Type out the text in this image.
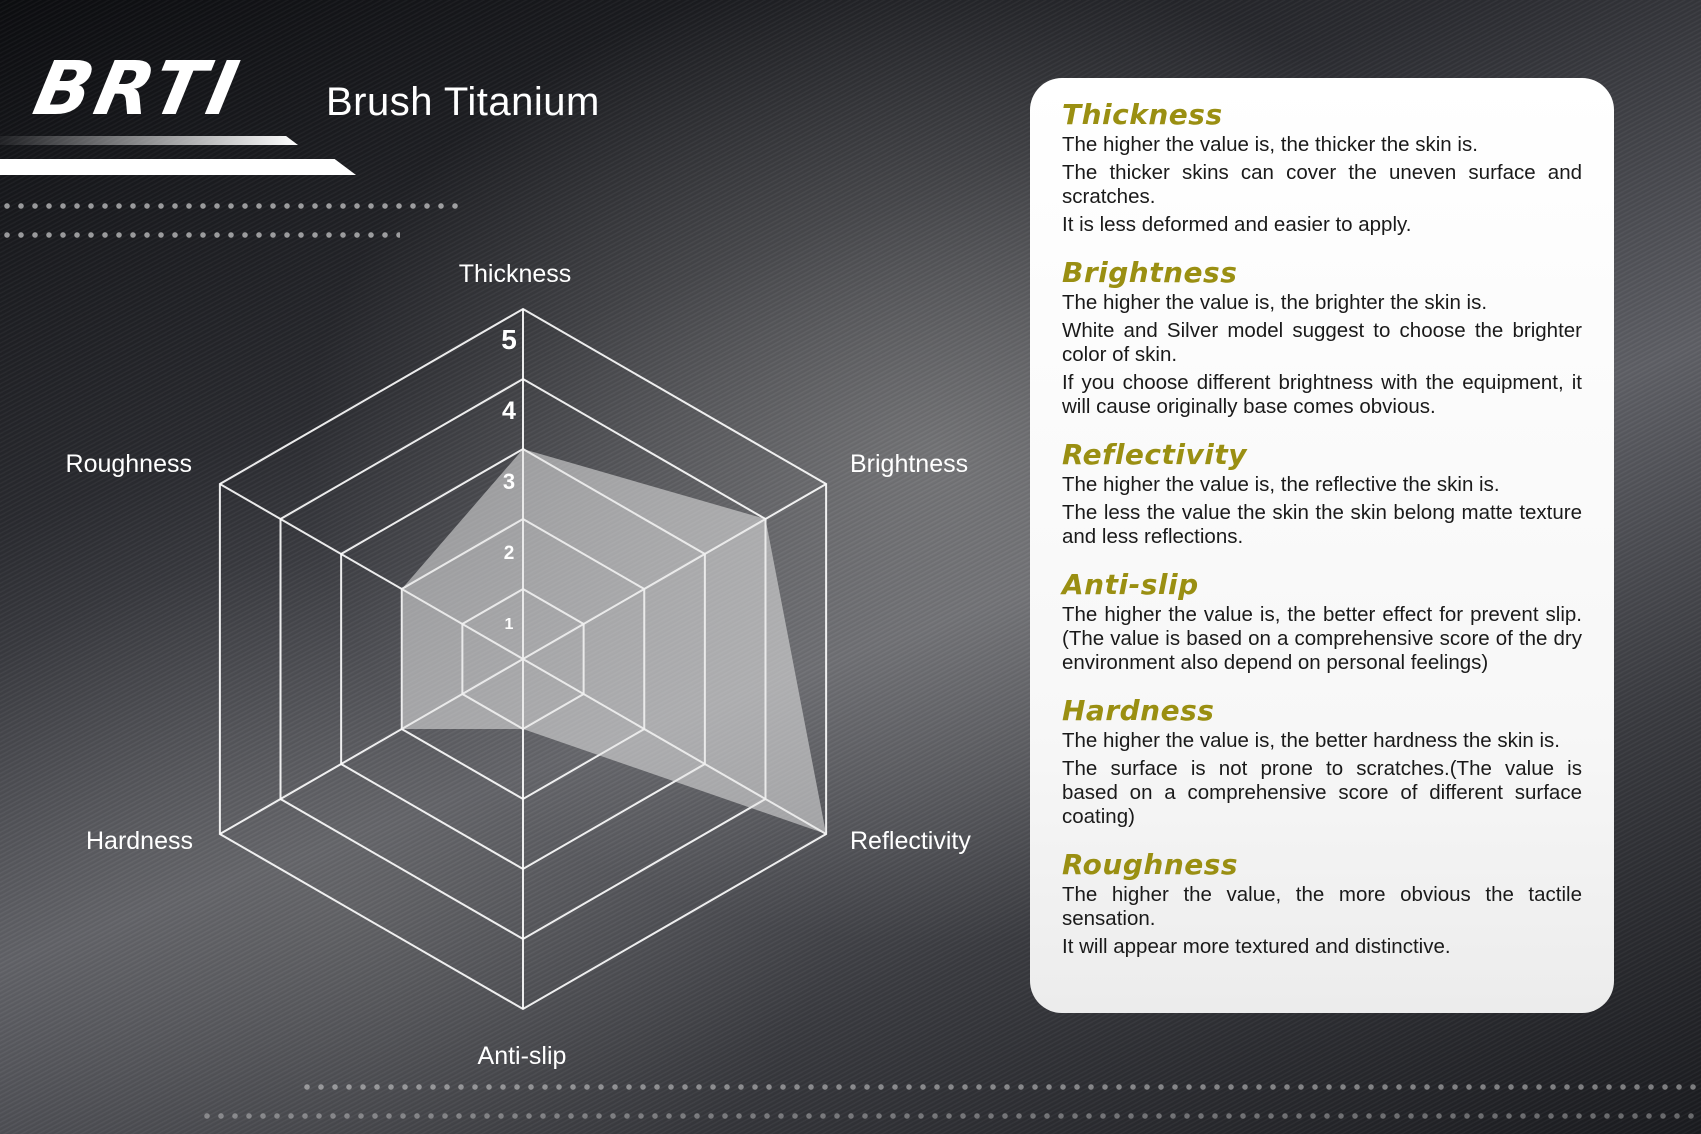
BRTI Brush Titanium
1
2
3
4
5
Thickness
Brightness
Reflectivity
Anti-slip
Hardness
Roughness
Thickness

The higher the value is, the thicker the skin is.

The thicker skins can cover the uneven surface and scratches.

It is less deformed and easier to apply.

Brightness

The higher the value is, the brighter the skin is.

White and Silver model suggest to choose the brighter color of skin.

If you choose different brightness with the equipment, it will cause originally base comes obvious.

Reflectivity

The higher the value is, the reflective the skin is.

The less the value the skin the skin belong matte texture and less reflections.

Anti-slip

The higher the value is, the better effect for prevent slip.(The value is based on a comprehensive score of the dry environment also depend on personal feelings)

Hardness

The higher the value is, the better hardness the skin is.

The surface is not prone to scratches.(The value is based on a comprehensive score of different surface coating)

Roughness

The higher the value, the more obvious the tactile sensation.

It will appear more textured and distinctive.
